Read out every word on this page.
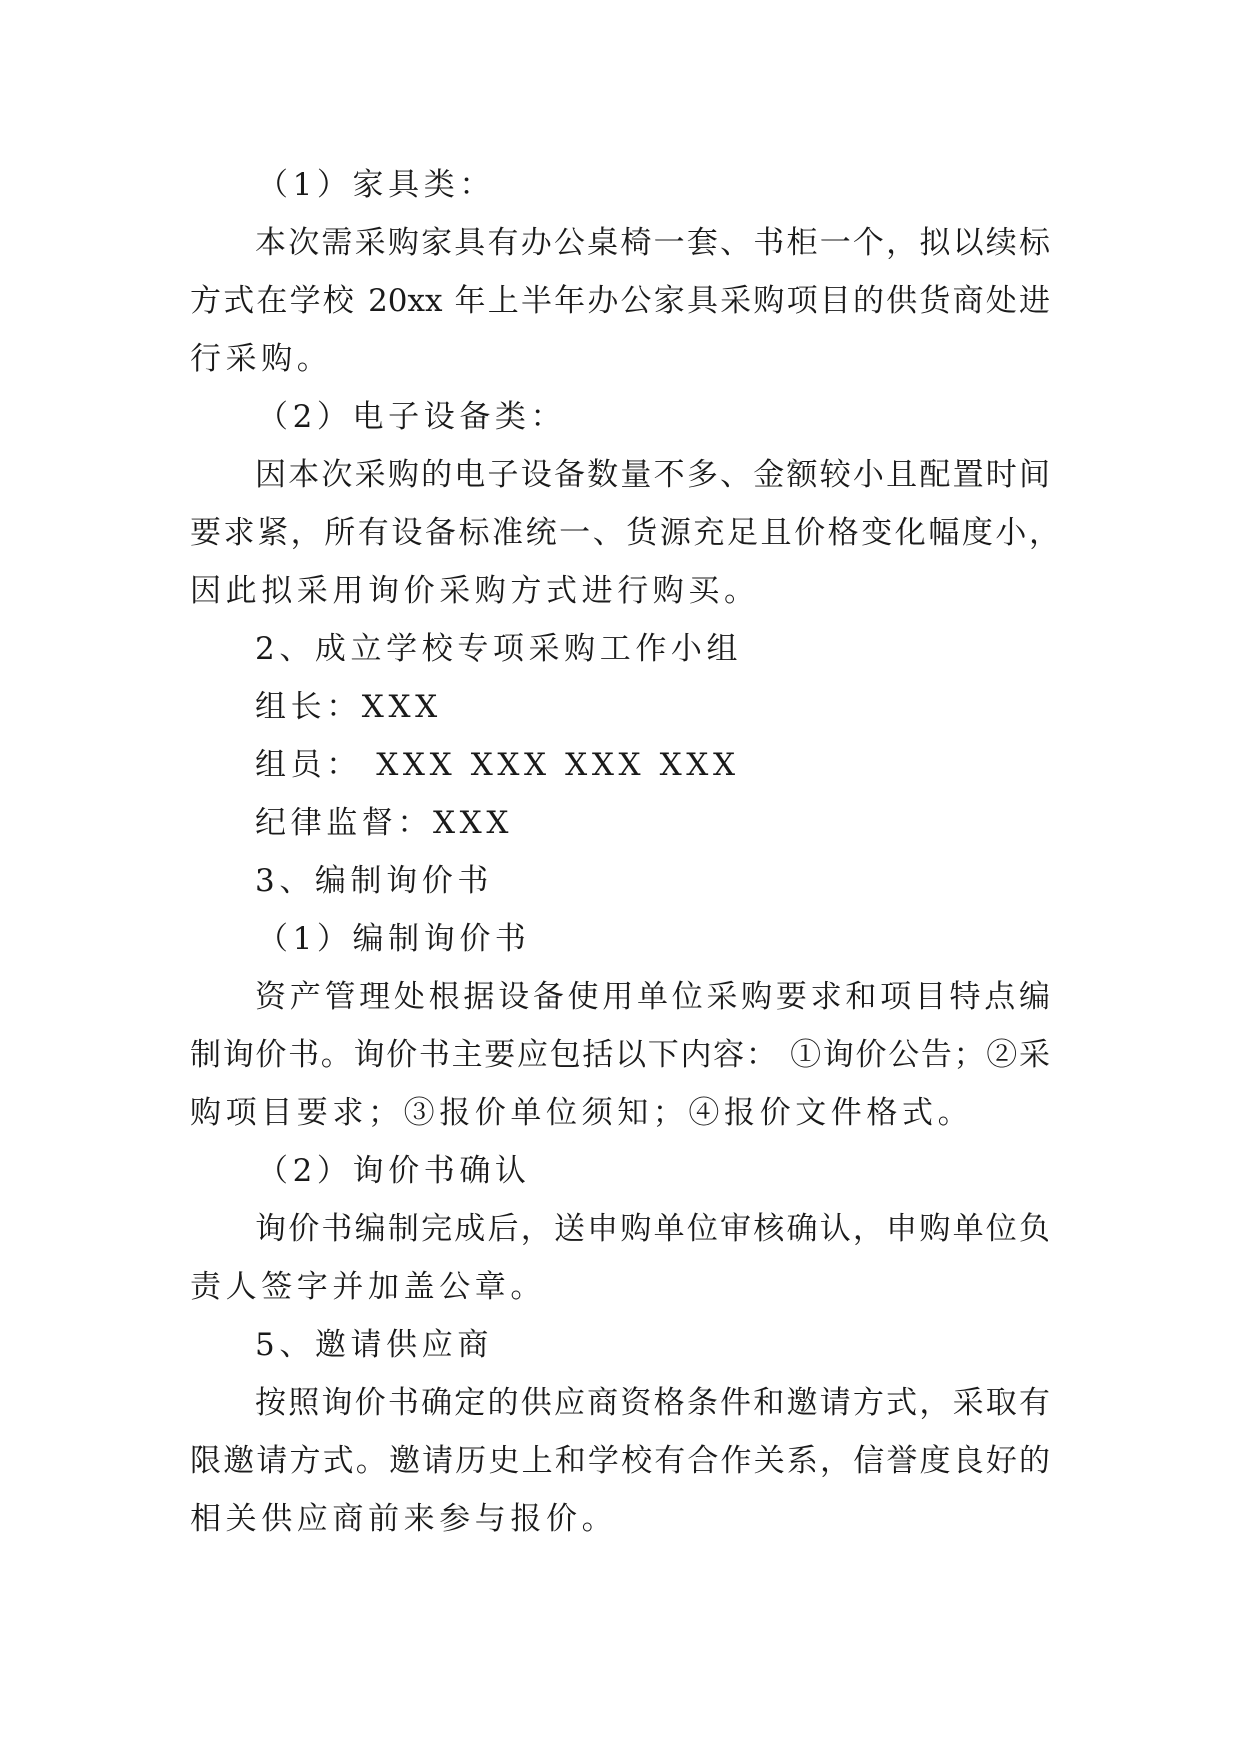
（1）家具类：
本次需采购家具有办公桌椅一套、书柜一个，拟以续标
方式在学校 20xx 年上半年办公家具采购项目的供货商处进
行采购。
（2）电子设备类：
因本次采购的电子设备数量不多、金额较小且配置时间
要求紧，所有设备标准统一、货源充足且价格变化幅度小，
因此拟采用询价采购方式进行购买。
2、成立学校专项采购工作小组
组长：XXX
组员： XXX XXX XXX XXX
纪律监督：XXX
3、编制询价书
（1）编制询价书
资产管理处根据设备使用单位采购要求和项目特点编
制询价书。询价书主要应包括以下内容： ①询价公告；②采
购项目要求；③报价单位须知；④报价文件格式。
（2）询价书确认
询价书编制完成后，送申购单位审核确认，申购单位负
责人签字并加盖公章。
5、邀请供应商
按照询价书确定的供应商资格条件和邀请方式，采取有
限邀请方式。邀请历史上和学校有合作关系，信誉度良好的
相关供应商前来参与报价。
